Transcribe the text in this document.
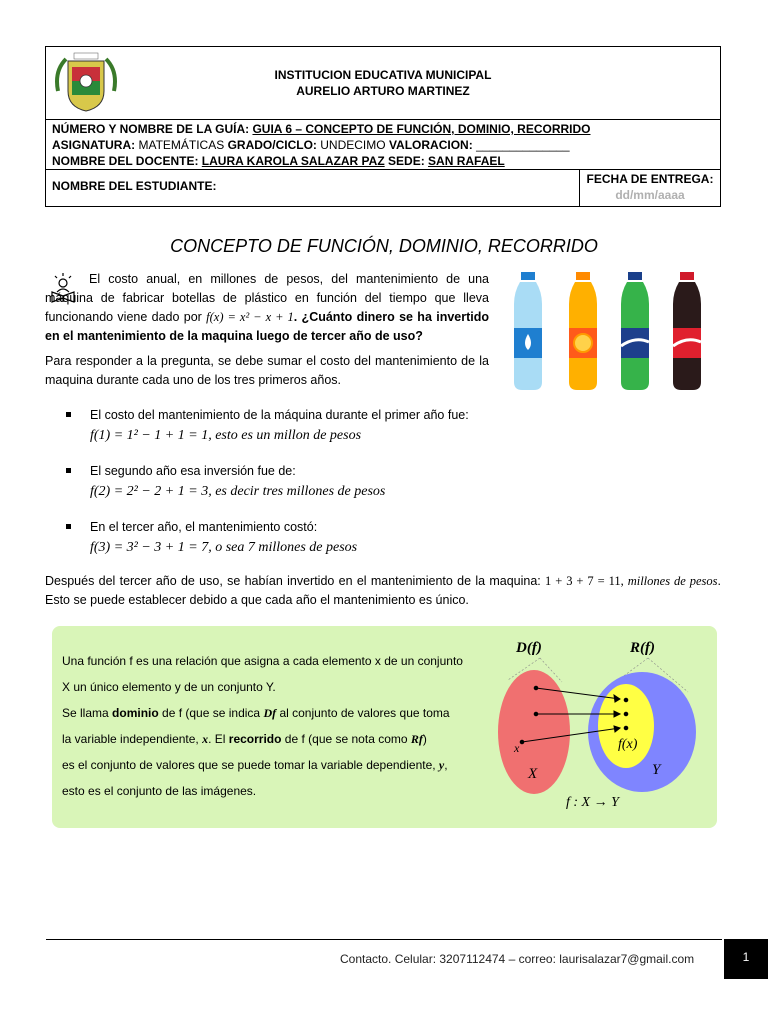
INSTITUCION EDUCATIVA MUNICIPAL
AURELIO ARTURO MARTINEZ
NÚMERO Y NOMBRE DE LA GUÍA: GUIA 6 – CONCEPTO DE FUNCIÓN, DOMINIO, RECORRIDO
ASIGNATURA: MATEMÁTICAS GRADO/CICLO: UNDECIMO VALORACION: ______________
NOMBRE DEL DOCENTE: LAURA KAROLA SALAZAR PAZ SEDE: SAN RAFAEL
NOMBRE DEL ESTUDIANTE:	FECHA DE ENTREGA:
dd/mm/aaaa
CONCEPTO DE FUNCIÓN, DOMINIO, RECORRIDO
El costo anual, en millones de pesos, del mantenimiento de una máquina de fabricar botellas de plástico en función del tiempo que lleva funcionando viene dado por f(x) = x² − x + 1. ¿Cuánto dinero se ha invertido en el mantenimiento de la maquina luego de tercer año de uso?
Para responder a la pregunta, se debe sumar el costo del mantenimiento de la maquina durante cada uno de los tres primeros años.
El costo del mantenimiento de la máquina durante el primer año fue:
f(1) = 1² − 1 + 1 = 1, esto es un millon de pesos
El segundo año esa inversión fue de:
f(2) = 2² − 2 + 1 = 3, es decir tres millones de pesos
En el tercer año, el mantenimiento costó:
f(3) = 3² − 3 + 1 = 7, o sea 7 millones de pesos
Después del tercer año de uso, se habían invertido en el mantenimiento de la maquina: 1 + 3 + 7 = 11, millones de pesos. Esto se puede establecer debido a que cada año el mantenimiento es único.
Una función f es una relación que asigna a cada elemento x de un conjunto
X un único elemento y de un conjunto Y.
Se llama dominio de f (que se indica Df al conjunto de valores que toma
la variable independiente, x. El recorrido de f (que se nota como Rf)
es el conjunto de valores que se puede tomar la variable dependiente, y,
esto es el conjunto de las imágenes.
D(f)	R(f)
X	Y
x	f(x)
f : X → Y
Contacto. Celular: 3207112474 – correo: laurisalazar7@gmail.com	1
